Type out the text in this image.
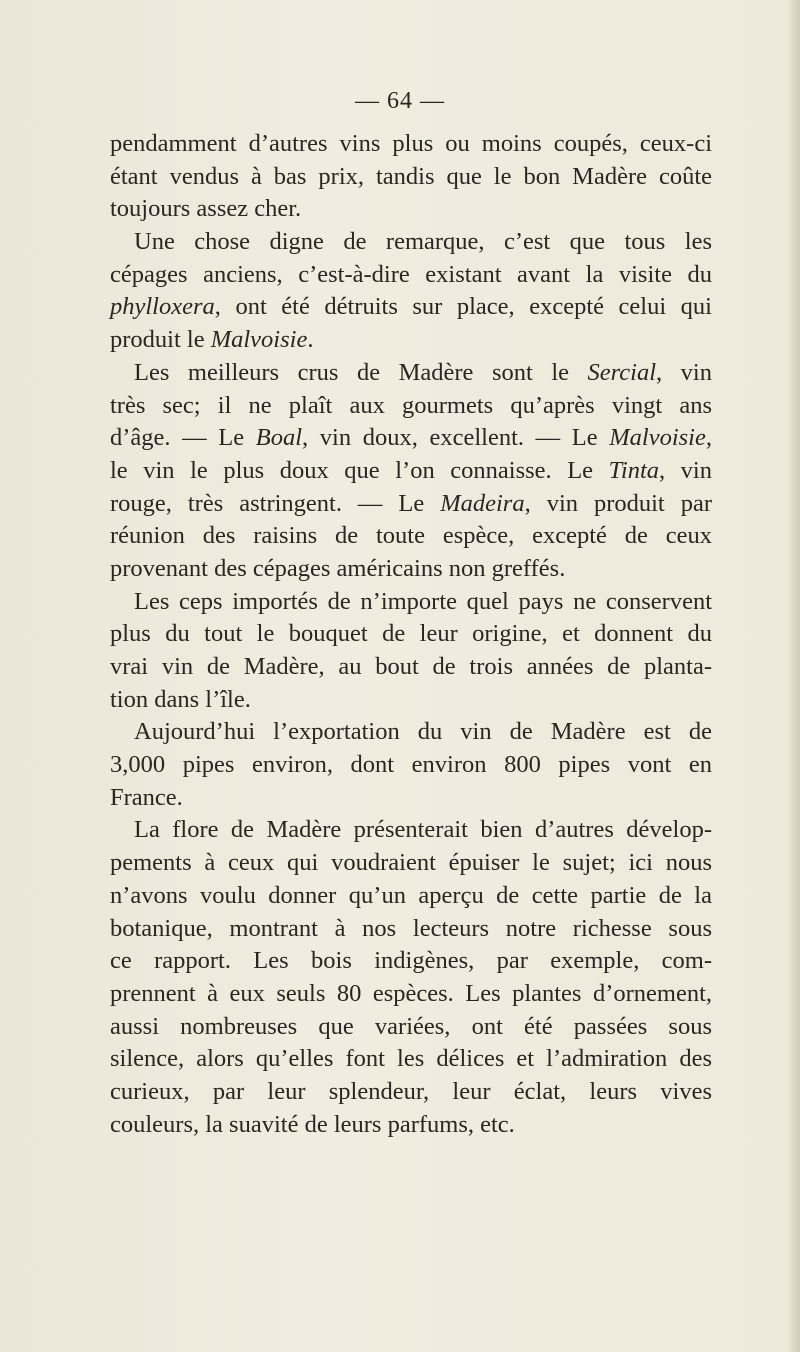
— 64 —
pendamment d’autres vins plus ou moins coupés, ceux-ci
étant vendus à bas prix, tandis que le bon Madère coûte
toujours assez cher.
Une chose digne de remarque, c’est que tous les
cépages anciens, c’est-à-dire existant avant la visite du
phylloxera, ont été détruits sur place, excepté celui qui
produit le Malvoisie.
Les meilleurs crus de Madère sont le Sercial, vin
très sec; il ne plaît aux gourmets qu’après vingt ans
d’âge. — Le Boal, vin doux, excellent. — Le Malvoisie,
le vin le plus doux que l’on connaisse. Le Tinta, vin
rouge, très astringent. — Le Madeira, vin produit par
réunion des raisins de toute espèce, excepté de ceux
provenant des cépages américains non greffés.
Les ceps importés de n’importe quel pays ne conservent
plus du tout le bouquet de leur origine, et donnent du
vrai vin de Madère, au bout de trois années de planta-
tion dans l’île.
Aujourd’hui l’exportation du vin de Madère est de
3,000 pipes environ, dont environ 800 pipes vont en
France.
La flore de Madère présenterait bien d’autres dévelop-
pements à ceux qui voudraient épuiser le sujet; ici nous
n’avons voulu donner qu’un aperçu de cette partie de la
botanique, montrant à nos lecteurs notre richesse sous
ce rapport. Les bois indigènes, par exemple, com-
prennent à eux seuls 80 espèces. Les plantes d’ornement,
aussi nombreuses que variées, ont été passées sous
silence, alors qu’elles font les délices et l’admiration des
curieux, par leur splendeur, leur éclat, leurs vives
couleurs, la suavité de leurs parfums, etc.
